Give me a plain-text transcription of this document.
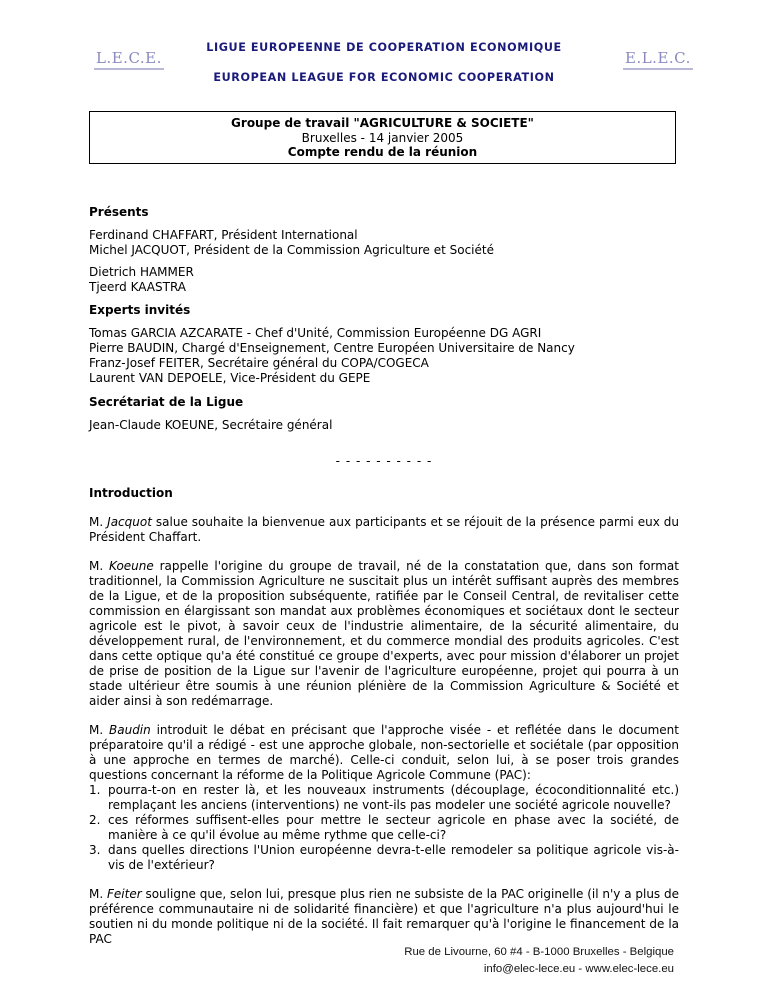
L.E.C.E.	E.L.E.C.
LIGUE EUROPEENNE DE COOPERATION ECONOMIQUE
EUROPEAN LEAGUE FOR ECONOMIC COOPERATION
Groupe de travail "AGRICULTURE & SOCIETE"
Bruxelles - 14 janvier 2005
Compte rendu de la réunion

Présents

Ferdinand CHAFFART, Président International

Michel JACQUOT, Président de la Commission Agriculture et Société

Dietrich HAMMER

Tjeerd KAASTRA

Experts invités

Tomas GARCIA AZCARATE - Chef d'Unité, Commission Européenne DG AGRI

Pierre BAUDIN, Chargé d'Enseignement, Centre Européen Universitaire de Nancy

Franz-Josef FEITER, Secrétaire général du COPA/COGECA

Laurent VAN DEPOELE, Vice-Président du GEPE

Secrétariat de la Ligue

Jean-Claude KOEUNE, Secrétaire général

- - - - - - - - - -

Introduction

M. Jacquot salue souhaite la bienvenue aux participants et se réjouit de la présence parmi eux du Président Chaffart.

M. Koeune rappelle l'origine du groupe de travail, né de la constatation que, dans son format traditionnel, la Commission Agriculture ne suscitait plus un intérêt suffisant auprès des membres de la Ligue, et de la proposition subséquente, ratifiée par le Conseil Central, de revitaliser cette commission en élargissant son mandat aux problèmes économiques et sociétaux dont le secteur agricole est le pivot, à savoir ceux de l'industrie alimentaire, de la sécurité alimentaire, du développement rural, de l'environnement, et du commerce mondial des produits agricoles. C'est dans cette optique qu'a été constitué ce groupe d'experts, avec pour mission d'élaborer un projet de prise de position de la Ligue sur l'avenir de l'agriculture européenne, projet qui pourra à un stade ultérieur être soumis à une réunion plénière de la Commission Agriculture & Société et aider ainsi à son redémarrage.

M. Baudin introduit le débat en précisant que l'approche visée - et reflétée dans le document préparatoire qu'il a rédigé - est une approche globale, non-sectorielle et sociétale (par opposition à une approche en termes de marché). Celle-ci conduit, selon lui, à se poser trois grandes questions concernant la réforme de la Politique Agricole Commune (PAC):

1. pourra-t-on en rester là, et les nouveaux instruments (découplage, écoconditionnalité etc.) remplaçant les anciens (interventions) ne vont-ils pas modeler une société agricole nouvelle?
2. ces réformes suffisent-elles pour mettre le secteur agricole en phase avec la société, de manière à ce qu'il évolue au même rythme que celle-ci?
3. dans quelles directions l'Union européenne devra-t-elle remodeler sa politique agricole vis-à-vis de l'extérieur?

M. Feiter souligne que, selon lui, presque plus rien ne subsiste de la PAC originelle (il n'y a plus de préférence communautaire ni de solidarité financière) et que l'agriculture n'a plus aujourd'hui le soutien ni du monde politique ni de la société. Il fait remarquer qu'à l'origine le financement de la PAC

Rue de Livourne, 60 #4 - B-1000 Bruxelles - Belgique
info@elec-lece.eu - www.elec-lece.eu
